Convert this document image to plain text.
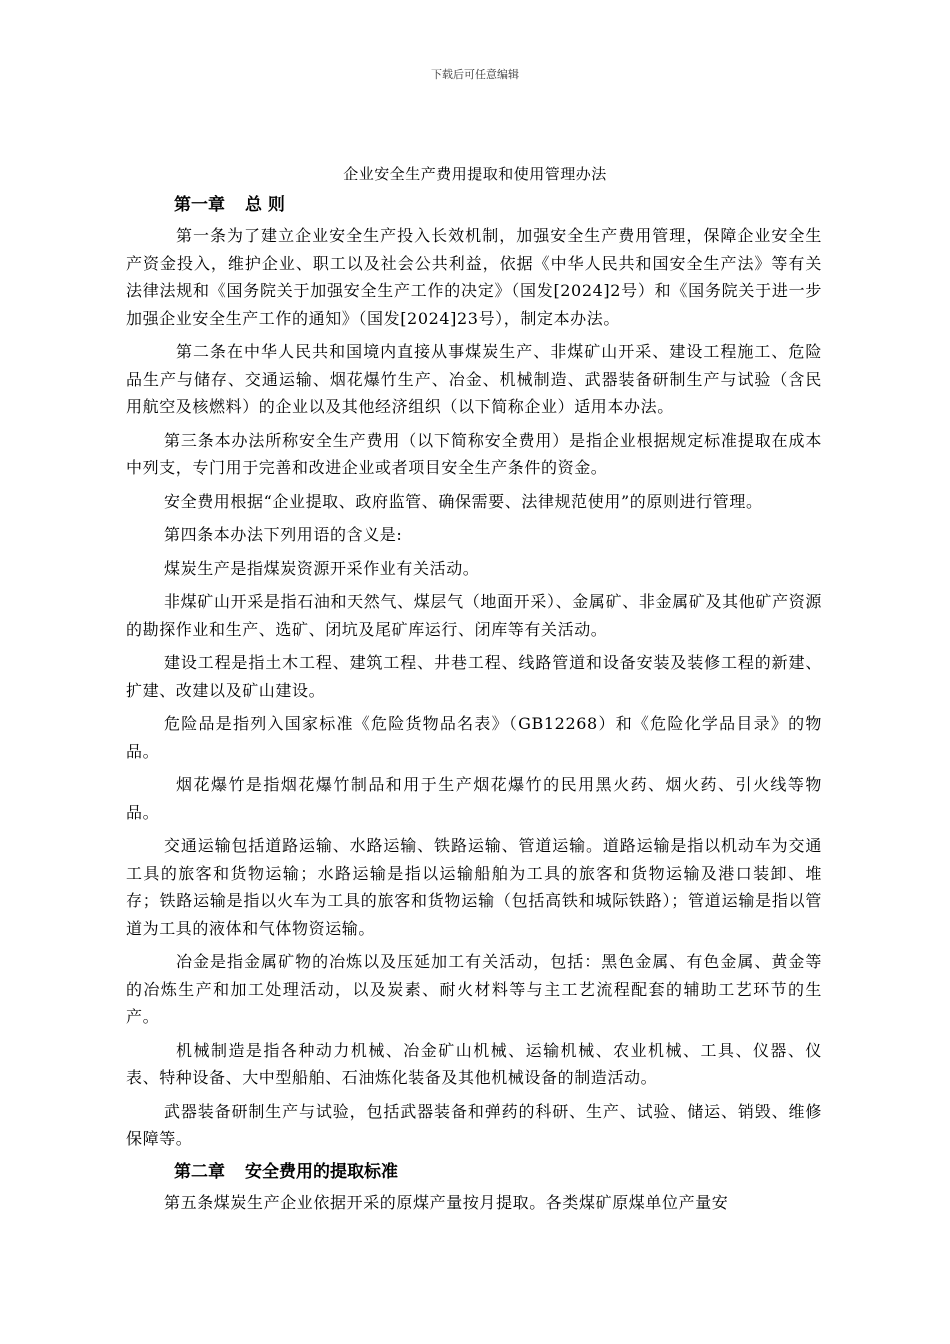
下载后可任意编辑
企业安全生产费用提取和使用管理办法
第一章 总 则

第一条为了建立企业安全生产投入长效机制，加强安全生产费用管理，保障企业安全生产资金投入，维护企业、职工以及社会公共利益，依据《中华人民共和国安全生产法》等有关法律法规和《国务院关于加强安全生产工作的决定》（国发[2024]2号）和《国务院关于进一步加强企业安全生产工作的通知》（国发[2024]23号），制定本办法。

第二条在中华人民共和国境内直接从事煤炭生产、非煤矿山开采、建设工程施工、危险品生产与储存、交通运输、烟花爆竹生产、冶金、机械制造、武器装备研制生产与试验（含民用航空及核燃料）的企业以及其他经济组织（以下简称企业）适用本办法。

第三条本办法所称安全生产费用（以下简称安全费用）是指企业根据规定标准提取在成本中列支，专门用于完善和改进企业或者项目安全生产条件的资金。

安全费用根据“企业提取、政府监管、确保需要、法律规范使用”的原则进行管理。

第四条本办法下列用语的含义是:

煤炭生产是指煤炭资源开采作业有关活动。

非煤矿山开采是指石油和天然气、煤层气（地面开采）、金属矿、非金属矿及其他矿产资源的勘探作业和生产、选矿、闭坑及尾矿库运行、闭库等有关活动。

建设工程是指土木工程、建筑工程、井巷工程、线路管道和设备安装及装修工程的新建、扩建、改建以及矿山建设。

危险品是指列入国家标准《危险货物品名表》（GB12268）和《危险化学品目录》的物品。

烟花爆竹是指烟花爆竹制品和用于生产烟花爆竹的民用黑火药、烟火药、引火线等物品。

交通运输包括道路运输、水路运输、铁路运输、管道运输。道路运输是指以机动车为交通工具的旅客和货物运输；水路运输是指以运输船舶为工具的旅客和货物运输及港口装卸、堆存；铁路运输是指以火车为工具的旅客和货物运输（包括高铁和城际铁路）；管道运输是指以管道为工具的液体和气体物资运输。

冶金是指金属矿物的冶炼以及压延加工有关活动，包括：黑色金属、有色金属、黄金等的冶炼生产和加工处理活动，以及炭素、耐火材料等与主工艺流程配套的辅助工艺环节的生产。

机械制造是指各种动力机械、冶金矿山机械、运输机械、农业机械、工具、仪器、仪表、特种设备、大中型船舶、石油炼化装备及其他机械设备的制造活动。

武器装备研制生产与试验，包括武器装备和弹药的科研、生产、试验、储运、销毁、维修保障等。

第二章 安全费用的提取标准

第五条煤炭生产企业依据开采的原煤产量按月提取。各类煤矿原煤单位产量安
